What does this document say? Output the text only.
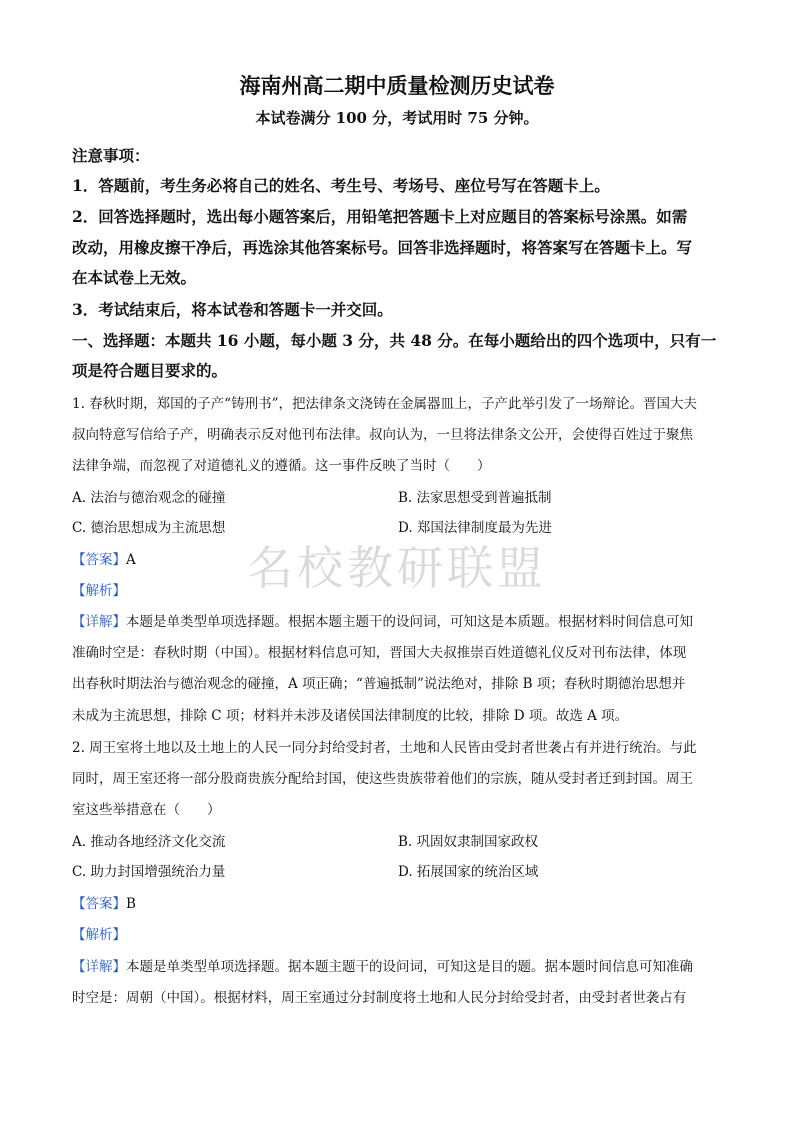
海南州高二期中质量检测历史试卷
本试卷满分 100 分，考试用时 75 分钟。
注意事项：
1．答题前，考生务必将自己的姓名、考生号、考场号、座位号写在答题卡上。
2．回答选择题时，选出每小题答案后，用铅笔把答题卡上对应题目的答案标号涂黑。如需
改动，用橡皮擦干净后，再选涂其他答案标号。回答非选择题时，将答案写在答题卡上。写
在本试卷上无效。
3．考试结束后，将本试卷和答题卡一并交回。
一、选择题：本题共 16 小题，每小题 3 分，共 48 分。在每小题给出的四个选项中，只有一
项是符合题目要求的。
1. 春秋时期，郑国的子产“铸刑书”，把法律条文浇铸在金属器皿上，子产此举引发了一场辩论。晋国大夫
叔向特意写信给子产，明确表示反对他刊布法律。叔向认为，一旦将法律条文公开，会使得百姓过于聚焦
法律争端，而忽视了对道德礼义的遵循。这一事件反映了当时（　　）
A. 法治与德治观念的碰撞	B. 法家思想受到普遍抵制
C. 德治思想成为主流思想	D. 郑国法律制度最为先进
【答案】A
【解析】
【详解】本题是单类型单项选择题。根据本题主题干的设问词，可知这是本质题。根据材料时间信息可知
准确时空是：春秋时期（中国）。根据材料信息可知，晋国大夫叔推崇百姓道德礼仪反对刊布法律，体现
出春秋时期法治与德治观念的碰撞，A 项正确；“普遍抵制”说法绝对，排除 B 项；春秋时期德治思想并
未成为主流思想，排除 C 项；材料并未涉及诸侯国法律制度的比较，排除 D 项。故选 A 项。
2. 周王室将土地以及土地上的人民一同分封给受封者，土地和人民皆由受封者世袭占有并进行统治。与此
同时，周王室还将一部分股商贵族分配给封国，使这些贵族带着他们的宗族，随从受封者迁到封国。周王
室这些举措意在（　　）
A. 推动各地经济文化交流	B. 巩固奴隶制国家政权
C. 助力封国增强统治力量	D. 拓展国家的统治区域
【答案】B
【解析】
【详解】本题是单类型单项选择题。据本题主题干的设问词，可知这是目的题。据本题时间信息可知准确
时空是：周朝（中国）。根据材料，周王室通过分封制度将土地和人民分封给受封者，由受封者世袭占有
名校教研联盟
